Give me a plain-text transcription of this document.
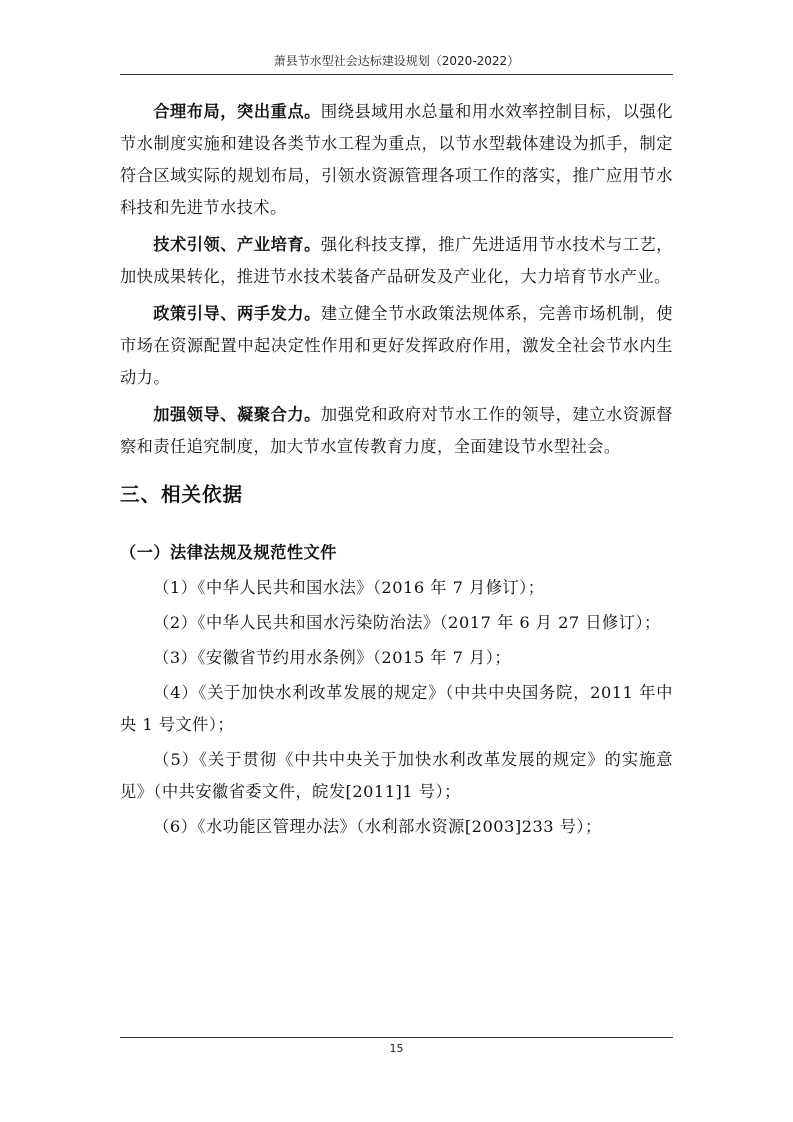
萧县节水型社会达标建设规划（2020-2022）

合理布局，突出重点。围绕县域用水总量和用水效率控制目标，以强化节水制度实施和建设各类节水工程为重点，以节水型载体建设为抓手，制定符合区域实际的规划布局，引领水资源管理各项工作的落实，推广应用节水科技和先进节水技术。

技术引领、产业培育。强化科技支撑，推广先进适用节水技术与工艺，加快成果转化，推进节水技术装备产品研发及产业化，大力培育节水产业。

政策引导、两手发力。建立健全节水政策法规体系，完善市场机制，使市场在资源配置中起决定性作用和更好发挥政府作用，激发全社会节水内生动力。

加强领导、凝聚合力。加强党和政府对节水工作的领导，建立水资源督察和责任追究制度，加大节水宣传教育力度，全面建设节水型社会。

三、相关依据
（一）法律法规及规范性文件

（1）《中华人民共和国水法》（2016 年 7 月修订）；

（2）《中华人民共和国水污染防治法》（2017 年 6 月 27 日修订）；

（3）《安徽省节约用水条例》（2015 年 7 月）；

（4）《关于加快水利改革发展的规定》（中共中央国务院，2011 年中央 1 号文件）；

（5）《关于贯彻《中共中央关于加快水利改革发展的规定》的实施意见》（中共安徽省委文件，皖发[2011]1 号）；

（6）《水功能区管理办法》（水利部水资源[2003]233 号）；

15
